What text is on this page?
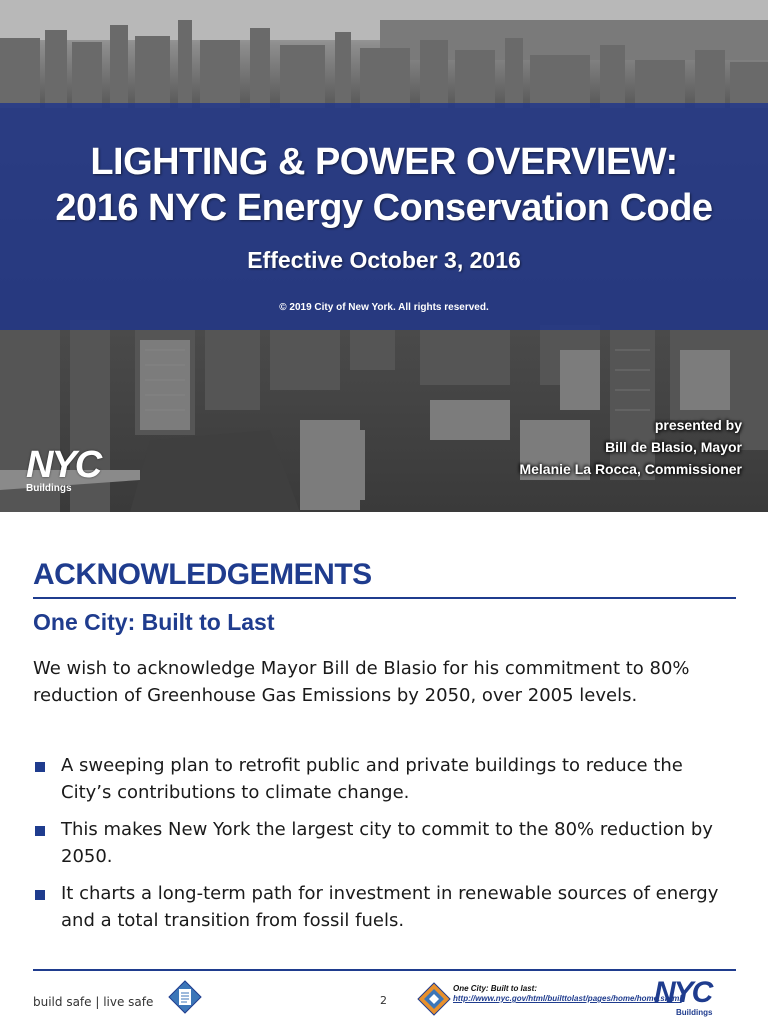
LIGHTING & POWER OVERVIEW:
2016 NYC Energy Conservation Code
Effective October 3, 2016
© 2019 City of New York. All rights reserved.
presented by
Bill de Blasio, Mayor
Melanie La Rocca, Commissioner
NYC
Buildings
ACKNOWLEDGEMENTS
One City: Built to Last
We wish to acknowledge Mayor Bill de Blasio for his commitment to 80% reduction of Greenhouse Gas Emissions by 2050, over 2005 levels.
A sweeping plan to retrofit public and private buildings to reduce the City’s contributions to climate change.
This makes New York the largest city to commit to the 80% reduction by 2050.
It charts a long-term path for investment in renewable sources of energy and a total transition from fossil fuels.
build safe | live safe	2
One City: Built to last:
http://www.nyc.gov/html/builttolast/pages/home/home.shtml
NYC
Buildings
